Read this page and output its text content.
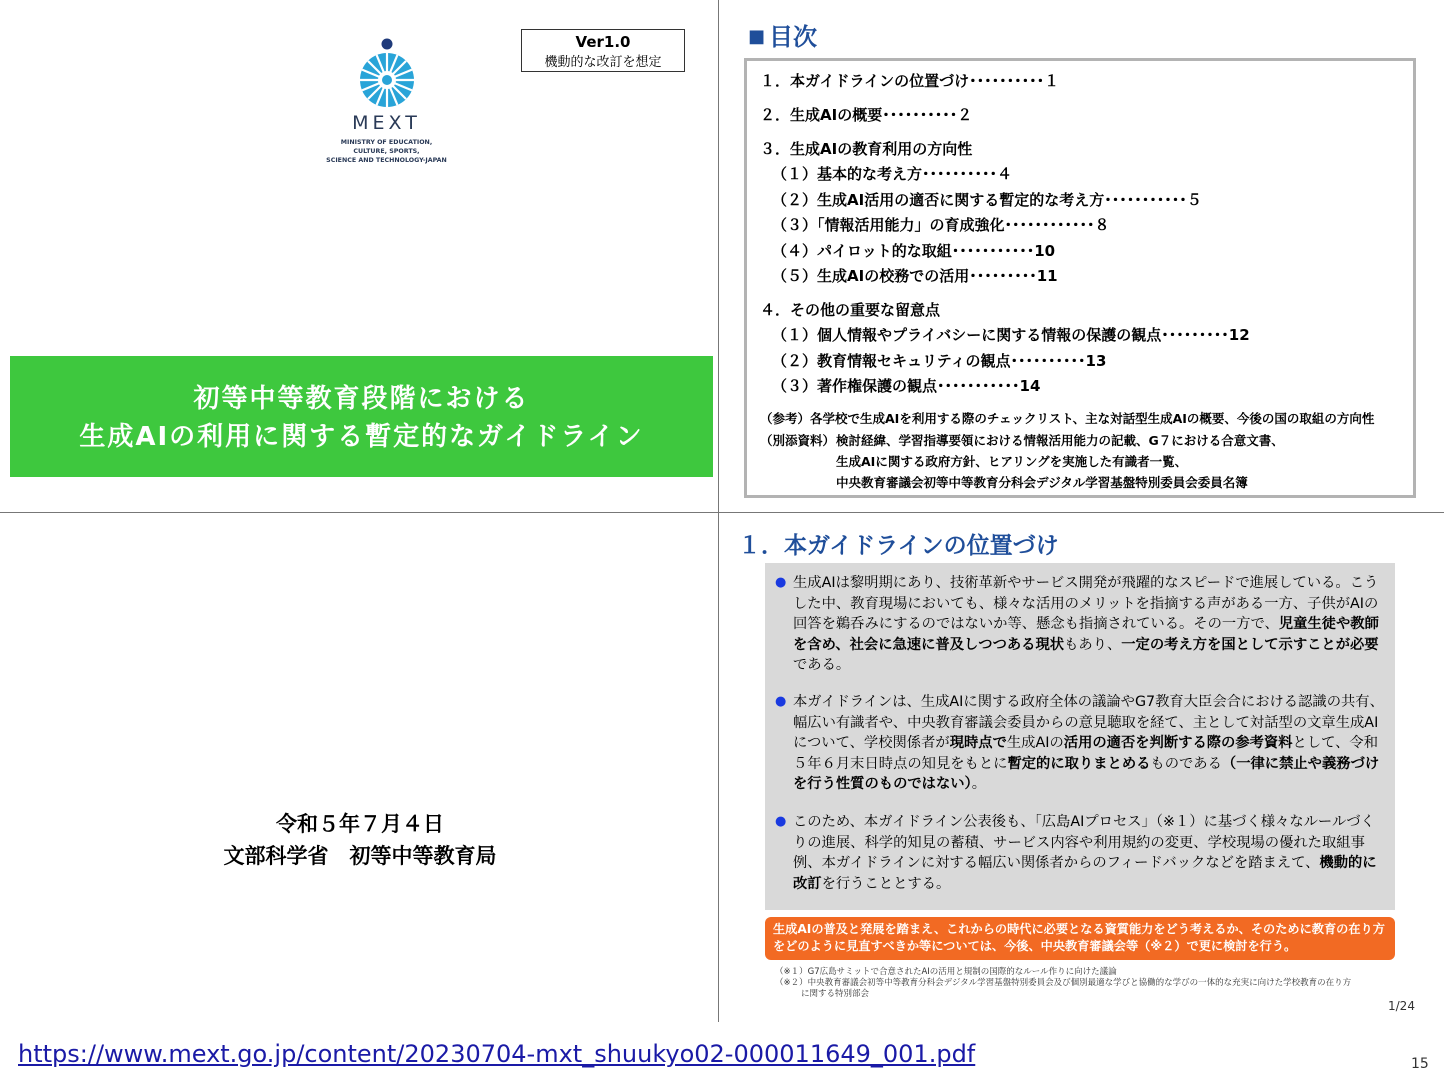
MEXT
MINISTRY OF EDUCATION,
CULTURE, SPORTS,
SCIENCE AND TECHNOLOGY-JAPAN
Ver1.0
機動的な改訂を想定
初等中等教育段階における
生成AIの利用に関する暫定的なガイドライン
■ 目次
１．本ガイドラインの位置づけ･･････････１
２．生成AIの概要･･････････２
３．生成AIの教育利用の方向性
（１）基本的な考え方･･････････４
（２）生成AI活用の適否に関する暫定的な考え方･･･････････５
（３）「情報活用能力」の育成強化････････････８
（４）パイロット的な取組･･･････････10
（５）生成AIの校務での活用･････････11
４．その他の重要な留意点
（１）個人情報やプライバシーに関する情報の保護の観点･････････12
（２）教育情報セキュリティの観点･･････････13
（３）著作権保護の観点･･･････････14
（参考）各学校で生成AIを利用する際のチェックリスト、主な対話型生成AIの概要、今後の国の取組の方向性
（別添資料） 検討経緯、学習指導要領における情報活用能力の記載、G７における合意文書、
生成AIに関する政府方針、ヒアリングを実施した有識者一覧、
中央教育審議会初等中等教育分科会デジタル学習基盤特別委員会委員名簿
令和５年７月４日
文部科学省　初等中等教育局
１．本ガイドラインの位置づけ
● 生成AIは黎明期にあり、技術革新やサービス開発が飛躍的なスピードで進展している。こうした中、教育現場においても、様々な活用のメリットを指摘する声がある一方、子供がAIの回答を鵜呑みにするのではないか等、懸念も指摘されている。その一方で、児童生徒や教師を含め、社会に急速に普及しつつある現状もあり、一定の考え方を国として示すことが必要である。
● 本ガイドラインは、生成AIに関する政府全体の議論やG7教育大臣会合における認識の共有、幅広い有識者や、中央教育審議会委員からの意見聴取を経て、主として対話型の文章生成AIについて、学校関係者が現時点で生成AIの活用の適否を判断する際の参考資料として、令和５年６月末日時点の知見をもとに暫定的に取りまとめるものである（一律に禁止や義務づけを行う性質のものではない）。
● このため、本ガイドライン公表後も、「広島AIプロセス」（※１）に基づく様々なルールづくりの進展、科学的知見の蓄積、サービス内容や利用規約の変更、学校現場の優れた取組事例、本ガイドラインに対する幅広い関係者からのフィードバックなどを踏まえて、機動的に改訂を行うこととする。
生成AIの普及と発展を踏まえ、これからの時代に必要となる資質能力をどう考えるか、そのために教育の在り方をどのように見直すべきか等については、今後、中央教育審議会等（※２）で更に検討を行う。
（※１）G7広島サミットで合意されたAIの活用と規制の国際的なルール作りに向けた議論
（※２）中央教育審議会初等中等教育分科会デジタル学習基盤特別委員会及び個別最適な学びと協働的な学びの一体的な充実に向けた学校教育の在り方
に関する特別部会
1/24
https://www.mext.go.jp/content/20230704-mxt_shuukyo02-000011649_001.pdf	15
